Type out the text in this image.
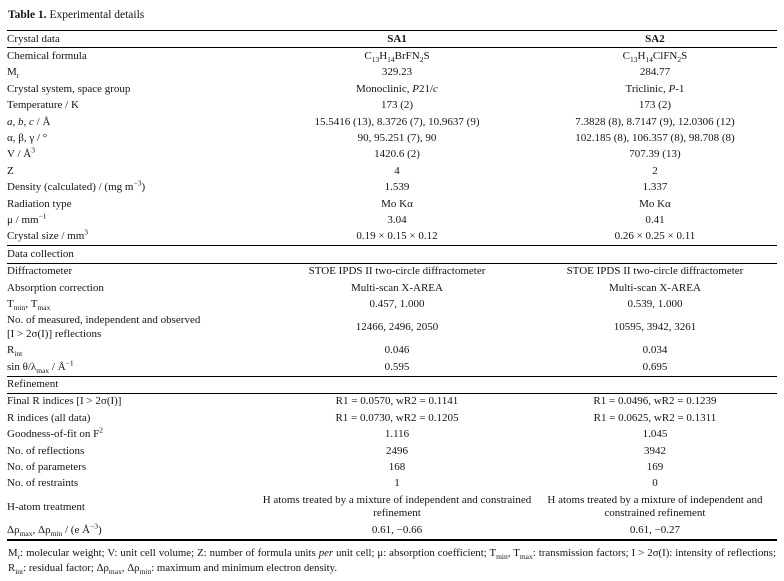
Table 1. Experimental details
Crystal data	SA1	SA2
Chemical formula	$C_{13}H_{14}BrFN_2S$	$C_{13}H_{14}ClFN_2S$
$M_r$	329.23	284.77
Crystal system, space group	Monoclinic, P21/c	Triclinic, P-1
Temperature / K	173 (2)	173 (2)
a, b, c / Å	15.5416 (13), 8.3726 (7), 10.9637 (9)	7.3828 (8), 8.7147 (9), 12.0306 (12)
α, β, γ / °	90, 95.251 (7), 90	102.185 (8), 106.357 (8), 98.708 (8)
V / $Å^3$	1420.6 (2)	707.39 (13)
Z	4	2
Density (calculated) / (mg $m^{-3}$)	1.539	1.337
Radiation type	Mo Kα	Mo Kα
μ / $mm^{-1}$	3.04	0.41
Crystal size / $mm^3$	0.19 × 0.15 × 0.12	0.26 × 0.25 × 0.11
Data collection		
Diffractometer	STOE IPDS II two-circle diffractometer	STOE IPDS II two-circle diffractometer
Absorption correction	Multi-scan X-AREA	Multi-scan X-AREA
$T_{min}$, $T_{max}$	0.457, 1.000	0.539, 1.000
No. of measured, independent and observed
[I > 2σ(I)] reflections	12466, 2496, 2050	10595, 3942, 3261
$R_{int}$	0.046	0.034
$\sin \theta/\lambda_{max}$ / $Å^{-1}$	0.595	0.695
Refinement		
Final R indices [I > 2σ(I)]	R1 = 0.0570, wR2 = 0.1141	R1 = 0.0496, wR2 = 0.1239
R indices (all data)	R1 = 0.0730, wR2 = 0.1205	R1 = 0.0625, wR2 = 0.1311
Goodness-of-fit on $F^2$	1.116	1.045
No. of reflections	2496	3942
No. of parameters	168	169
No. of restraints	1	0
H-atom treatment	H atoms treated by a mixture of independent and constrained refinement	H atoms treated by a mixture of independent and constrained refinement
$\Delta\rho_{max}$, $\Delta\rho_{min} / (e$ $Å^{-3}$)	0.61, −0.66	0.61, −0.27
$M_r$: molecular weight; V: unit cell volume; Z: number of formula units per unit cell; μ: absorption coefficient; $T_{min}$, $T_{max}$: transmission factors; I > 2σ(I): intensity of reflections; $R_{int}$: residual factor; $\Delta\rho_{max}$, $\Delta\rho_{min}$: maximum and minimum electron density.
